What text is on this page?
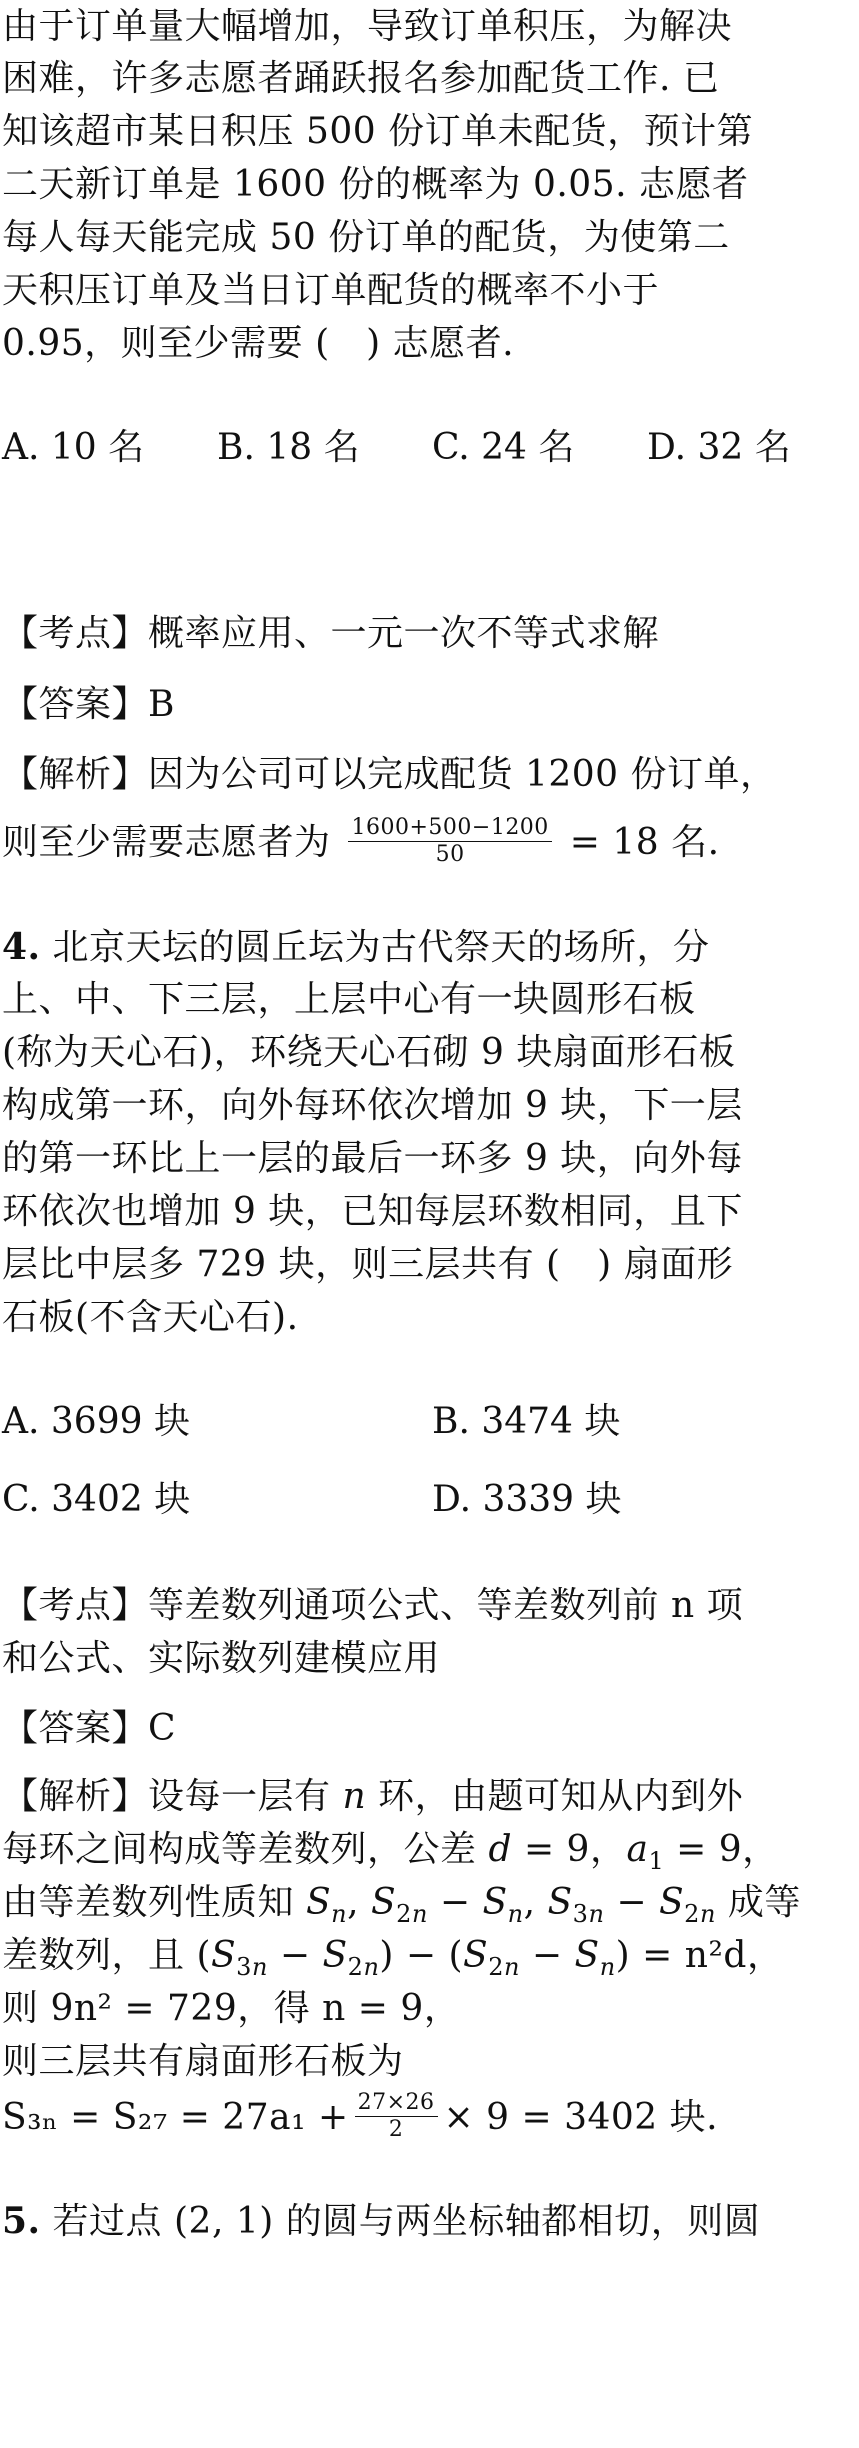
由于订单量大幅增加，导致订单积压，为解决

困难，许多志愿者踊跃报名参加配货工作. 已

知该超市某日积压 500 份订单未配货，预计第

二天新订单是 1600 份的概率为 0.05. 志愿者

每人每天能完成 50 份订单的配货，为使第二

天积压订单及当日订单配货的概率不小于

0.95，则至少需要 (　) 志愿者.

A. 10 名 B. 18 名 C. 24 名 D. 32 名

【考点】概率应用、一元一次不等式求解

【答案】B

【解析】因为公司可以完成配货 1200 份订单，

则至少需要志愿者为 $\frac{1600+500-1200}{50} = 18$ 名.

4. 北京天坛的圆丘坛为古代祭天的场所，分

上、中、下三层，上层中心有一块圆形石板

(称为天心石)，环绕天心石砌 9 块扇面形石板

构成第一环，向外每环依次增加 9 块，下一层

的第一环比上一层的最后一环多 9 块，向外每

环依次也增加 9 块，已知每层环数相同，且下

层比中层多 729 块，则三层共有 (　) 扇面形

石板(不含天心石).

A. 3699 块	B. 3474 块
C. 3402 块	D. 3339 块

【考点】等差数列通项公式、等差数列前 n 项

和公式、实际数列建模应用

【答案】C

【解析】设每一层有 n 环，由题可知从内到外

每环之间构成等差数列，公差 d = 9，$a_1 = 9$，

由等差数列性质知 $S_n$, $S_{2n} - S_n$, $S_{3n} - S_{2n}$ 成等

差数列，且 $(S_{3n} - S_{2n}) - (S_{2n} - S_n) = n^2d$，

则 9n² = 729，得 n = 9，

则三层共有扇面形石板为

$S_{3n} = S_{27} = 27a_1 + \frac{27\times 26}{2} \times 9 = 3402$ 块.

5. 若过点 (2, 1) 的圆与两坐标轴都相切，则圆
